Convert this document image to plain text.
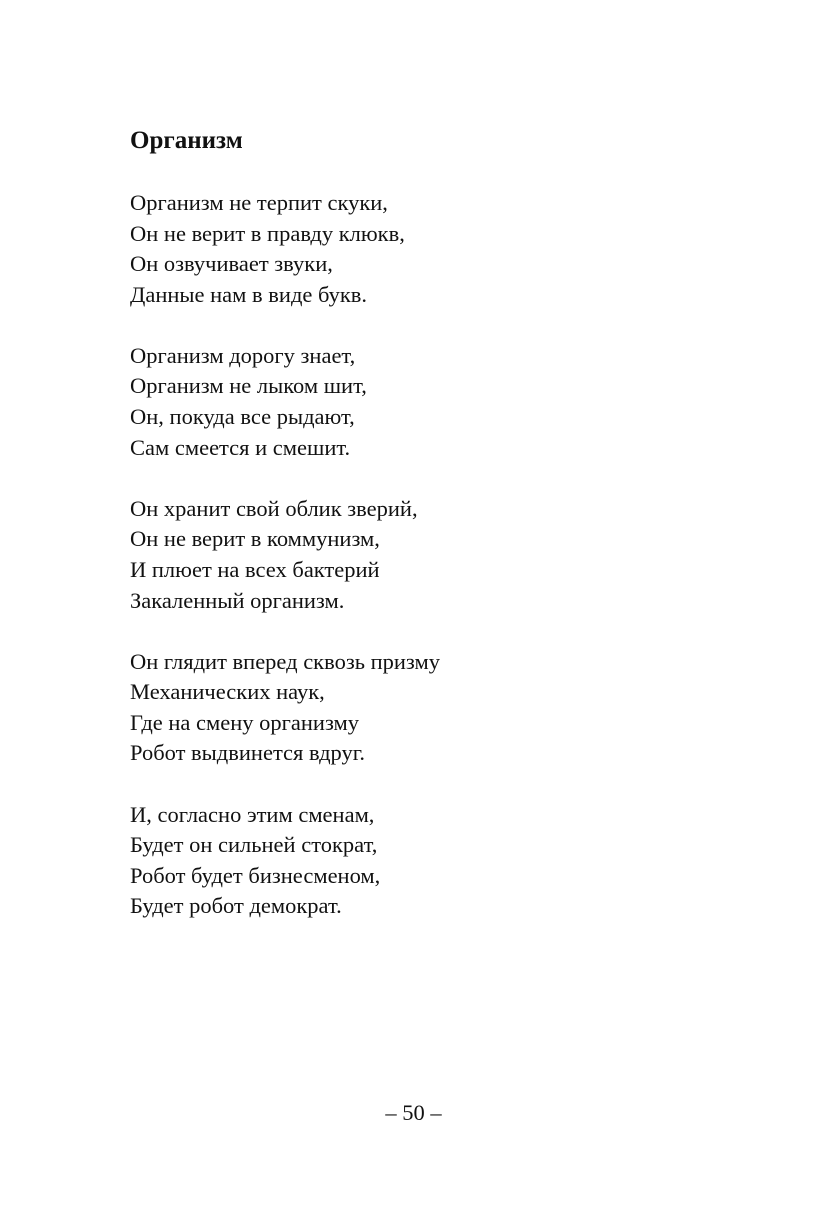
Организм
Организм не терпит скуки,
Он не верит в правду клюкв,
Он озвучивает звуки,
Данные нам в виде букв.
Организм дорогу знает,
Организм не лыком шит,
Он, покуда все рыдают,
Сам смеется и смешит.
Он хранит свой облик зверий,
Он не верит в коммунизм,
И плюет на всех бактерий
Закаленный организм.
Он глядит вперед сквозь призму
Механических наук,
Где на смену организму
Робот выдвинется вдруг.
И, согласно этим сменам,
Будет он сильней стократ,
Робот будет бизнесменом,
Будет робот демократ.
– 50 –
